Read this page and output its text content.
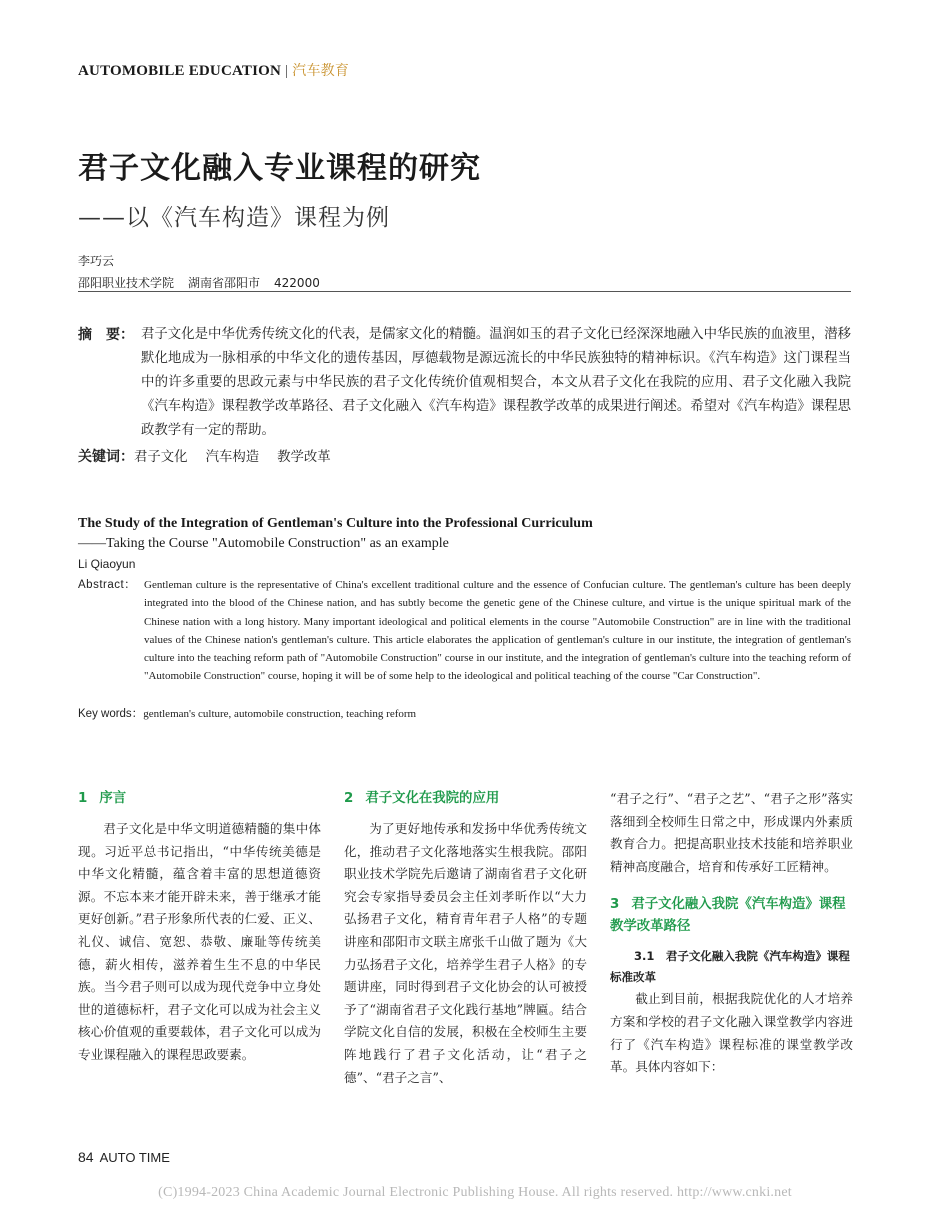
AUTOMOBILE EDUCATION | 汽车教育
君子文化融入专业课程的研究
——以《汽车构造》课程为例
李巧云
邵阳职业技术学院 湖南省邵阳市 422000
摘　要： 君子文化是中华优秀传统文化的代表，是儒家文化的精髓。温润如玉的君子文化已经深深地融入中华民族的血液里，潜移默化地成为一脉相承的中华文化的遗传基因，厚德载物是源远流长的中华民族独特的精神标识。《汽车构造》这门课程当中的许多重要的思政元素与中华民族的君子文化传统价值观相契合，本文从君子文化在我院的应用、君子文化融入我院《汽车构造》课程教学改革路径、君子文化融入《汽车构造》课程教学改革的成果进行阐述。希望对《汽车构造》课程思政教学有一定的帮助。
关键词：君子文化 汽车构造 教学改革
The Study of the Integration of Gentleman's Culture into the Professional Curriculum
——Taking the Course "Automobile Construction" as an example
Li Qiaoyun
Abstract： Gentleman culture is the representative of China's excellent traditional culture and the essence of Confucian culture. The gentleman's culture has been deeply integrated into the blood of the Chinese nation, and has subtly become the genetic gene of the Chinese culture, and virtue is the unique spiritual mark of the Chinese nation with a long history. Many important ideological and political elements in the course "Automobile Construction" are in line with the traditional values of the Chinese nation's gentleman's culture. This article elaborates the application of gentleman's culture in our institute, the integration of gentleman's culture into the teaching reform path of "Automobile Construction" course in our institute, and the integration of gentleman's culture into the teaching reform of "Automobile Construction" course, hoping it will be of some help to the ideological and political teaching of the course "Car Construction".
Key words：gentleman's culture, automobile construction, teaching reform
1 序言

君子文化是中华文明道德精髓的集中体现。习近平总书记指出，“中华传统美德是中华文化精髓，蕴含着丰富的思想道德资源。不忘本来才能开辟未来，善于继承才能更好创新。”君子形象所代表的仁爱、正义、礼仪、诚信、宽恕、恭敬、廉耻等传统美德，薪火相传，滋养着生生不息的中华民族。当今君子则可以成为现代竞争中立身处世的道德标杆，君子文化可以成为社会主义核心价值观的重要载体，君子文化可以成为专业课程融入的课程思政要素。

2 君子文化在我院的应用

为了更好地传承和发扬中华优秀传统文化，推动君子文化落地落实生根我院。邵阳职业技术学院先后邀请了湖南省君子文化研究会专家指导委员会主任刘孝昕作以“大力弘扬君子文化，精育青年君子人格”的专题讲座和邵阳市文联主席张千山做了题为《大力弘扬君子文化，培养学生君子人格》的专题讲座，同时得到君子文化协会的认可被授予了“湖南省君子文化践行基地”牌匾。结合学院文化自信的发展，积极在全校师生主要阵地践行了君子文化活动，让“君子之德”、“君子之言”、

“君子之行”、“君子之艺”、“君子之形”落实落细到全校师生日常之中，形成课内外素质教育合力。把提高职业技术技能和培养职业精神高度融合，培育和传承好工匠精神。

3 君子文化融入我院《汽车构造》课程教学改革路径

3.1　 君子文化融入我院《汽车构造》课程标准改革

截止到目前，根据我院优化的人才培养方案和学校的君子文化融入课堂教学内容进行了《汽车构造》课程标准的课堂教学改革。具体内容如下：

84 AUTO TIME
(C)1994-2023 China Academic Journal Electronic Publishing House. All rights reserved. http://www.cnki.net
